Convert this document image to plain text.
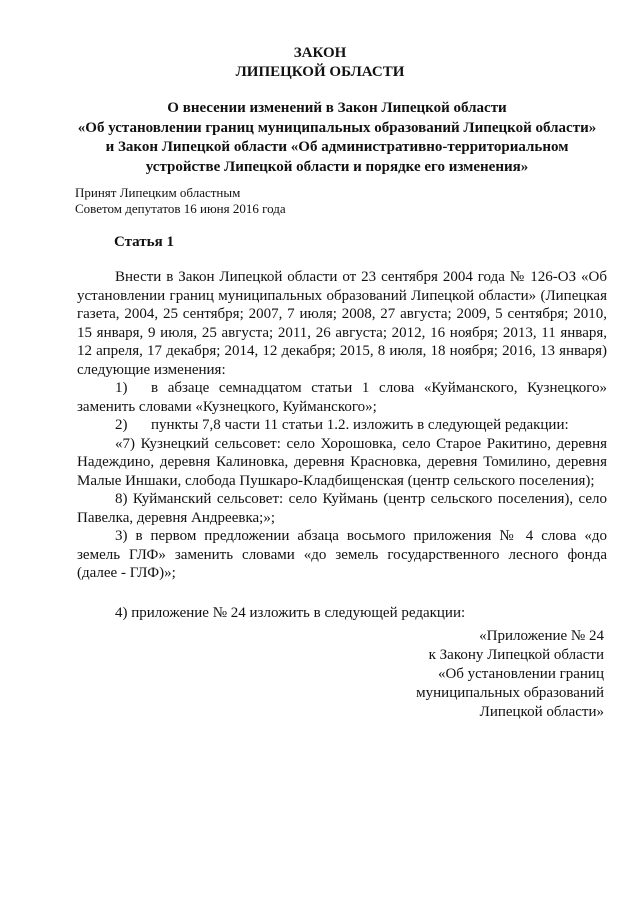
ЗАКОН
ЛИПЕЦКОЙ ОБЛАСТИ
О внесении изменений в Закон Липецкой области
«Об установлении границ муниципальных образований Липецкой области»
и Закон Липецкой области «Об административно-территориальном
устройстве Липецкой области и порядке его изменения»
Принят Липецким областным
Советом депутатов 16 июня 2016 года
Статья 1

Внести в Закон Липецкой области от 23 сентября 2004 года № 126-ОЗ «Об установлении границ муниципальных образований Липецкой области» (Липецкая газета, 2004, 25 сентября; 2007, 7 июля; 2008, 27 августа; 2009, 5 сентября; 2010, 15 января, 9 июля, 25 августа; 2011, 26 августа; 2012, 16 ноября; 2013, 11 января, 12 апреля, 17 декабря; 2014, 12 декабря; 2015, 8 июля, 18 ноября; 2016, 13 января) следующие изменения:

1) в абзаце семнадцатом статьи 1 слова «Куйманского, Кузнецкого» заменить словами «Кузнецкого, Куйманского»;

2) пункты 7,8 части 11 статьи 1.2. изложить в следующей редакции:

«7) Кузнецкий сельсовет: село Хорошовка, село Старое Ракитино, деревня Надеждино, деревня Калиновка, деревня Красновка, деревня Томилино, деревня Малые Иншаки, слобода Пушкаро-Кладбищенская (центр сельского поселения);

8) Куйманский сельсовет: село Куймань (центр сельского поселения), село Павелка, деревня Андреевка;»;

3) в первом предложении абзаца восьмого приложения № 4 слова «до земель ГЛФ» заменить словами «до земель государственного лесного фонда (далее - ГЛФ)»;

4) приложение № 24 изложить в следующей редакции:

«Приложение № 24
к Закону Липецкой области
«Об установлении границ
муниципальных образований
Липецкой области»
